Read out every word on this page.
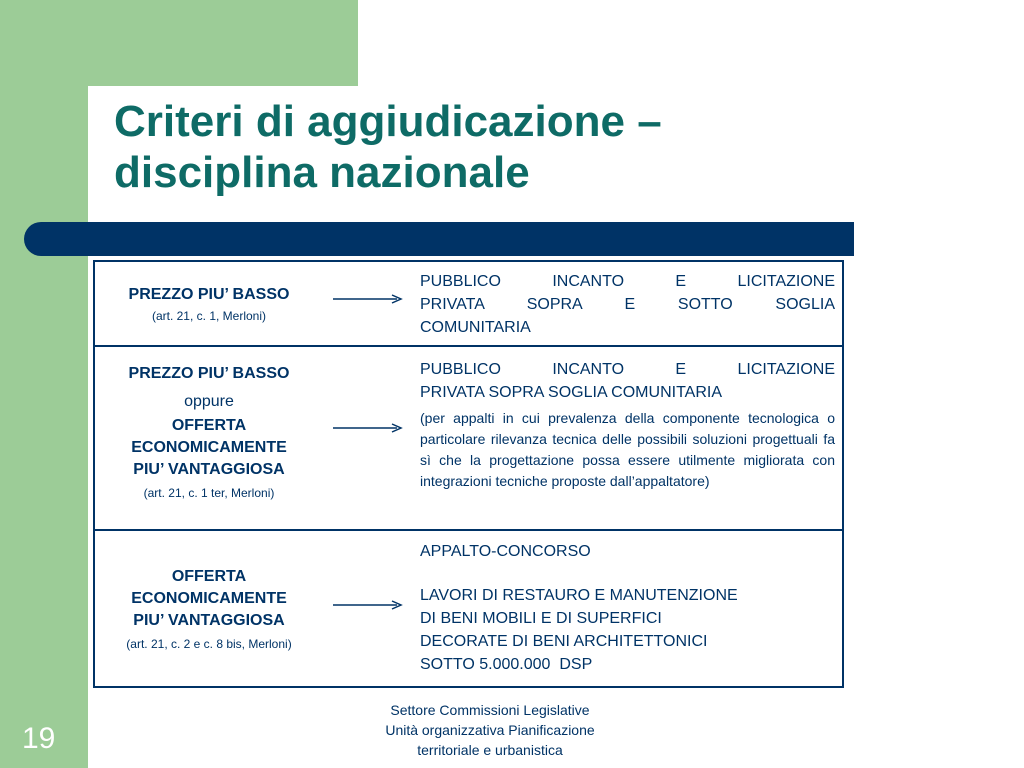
Criteri di aggiudicazione – disciplina nazionale
PREZZO PIU’ BASSO
(art. 21, c. 1, Merloni)
PUBBLICO INCANTO E LICITAZIONE
PRIVATA SOPRA E SOTTO SOGLIA
COMUNITARIA
PREZZO PIU’ BASSO
oppure
OFFERTA
ECONOMICAMENTE
PIU’ VANTAGGIOSA
(art. 21, c. 1 ter, Merloni)
PUBBLICO INCANTO E LICITAZIONE
PRIVATA SOPRA SOGLIA COMUNITARIA
(per appalti in cui prevalenza della componente tecnologica o particolare rilevanza tecnica delle possibili soluzioni progettuali fa sì che la progettazione possa essere utilmente migliorata con integrazioni tecniche proposte dall’appaltatore)
OFFERTA
ECONOMICAMENTE
PIU’ VANTAGGIOSA
(art. 21, c. 2 e c. 8 bis, Merloni)
APPALTO-CONCORSO
LAVORI DI RESTAURO E MANUTENZIONE
DI BENI MOBILI E DI SUPERFICI
DECORATE DI BENI ARCHITETTONICI
SOTTO 5.000.000  DSP
19
Settore Commissioni Legislative
Unità organizzativa Pianificazione
territoriale e urbanistica
